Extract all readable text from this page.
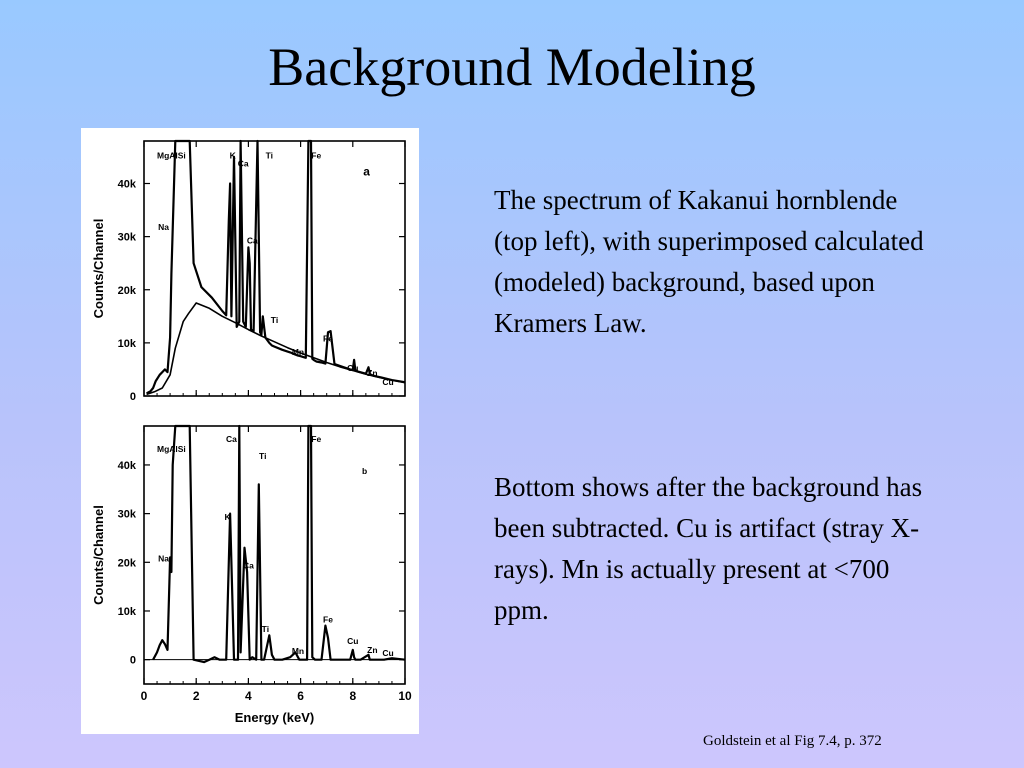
Background Modeling
0
10k
20k
30k
40k
a
MgAlSi	K
Ca
Ti	Fe
Na
Ca
Ti
Mn
Fe
Cu
Zn
Cu
Counts/Channel
0
10k
20k
30k
40k
0	2	4	6	8	10
MgAlSi
Ca	Fe
Ti
b
K
Na
Ca
Ti
Mn
Fe
Cu
Zn Cu
Counts/Channel
Energy (keV)
The spectrum of Kakanui hornblende (top left), with superimposed calculated (modeled) background, based upon Kramers Law.
Bottom shows after the background has been subtracted. Cu is artifact (stray X-rays). Mn is actually present at <700 ppm.
Goldstein et al Fig 7.4, p. 372
